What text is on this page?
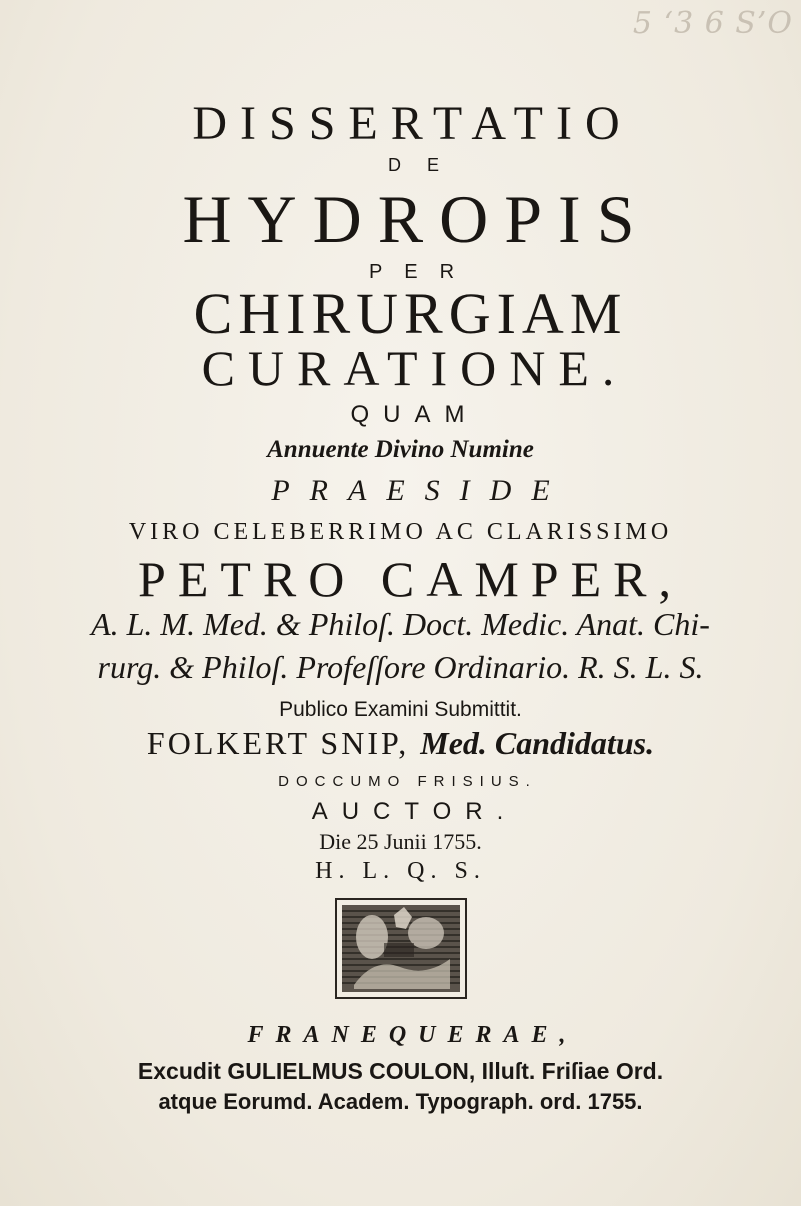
5 ‘3 6 S’O
DISSERTATIO
DE
HYDROPIS
PER
CHIRURGIAM
CURATIONE.
QUAM
Annuente Divino Numine
PRAESIDE
VIRO CELEBERRIMO AC CLARISSIMO
PETRO CAMPER,
A. L. M. Med. & Philoſ. Doct. Medic. Anat. Chi-
rurg. & Philoſ. Profeſſore Ordinario. R. S. L. S.
Publico Examini Submittit.
FOLKERT SNIP, Med. Candidatus.
DOCCUMO FRISIUS.
AUCTOR.
Die 25 Junii 1755.
H. L. Q. S.
FRANEQUERAE,
Excudit GULIELMUS COULON, Illuſt. Friſiae Ord.
atque Eorumd. Academ. Typograph. ord. 1755.
